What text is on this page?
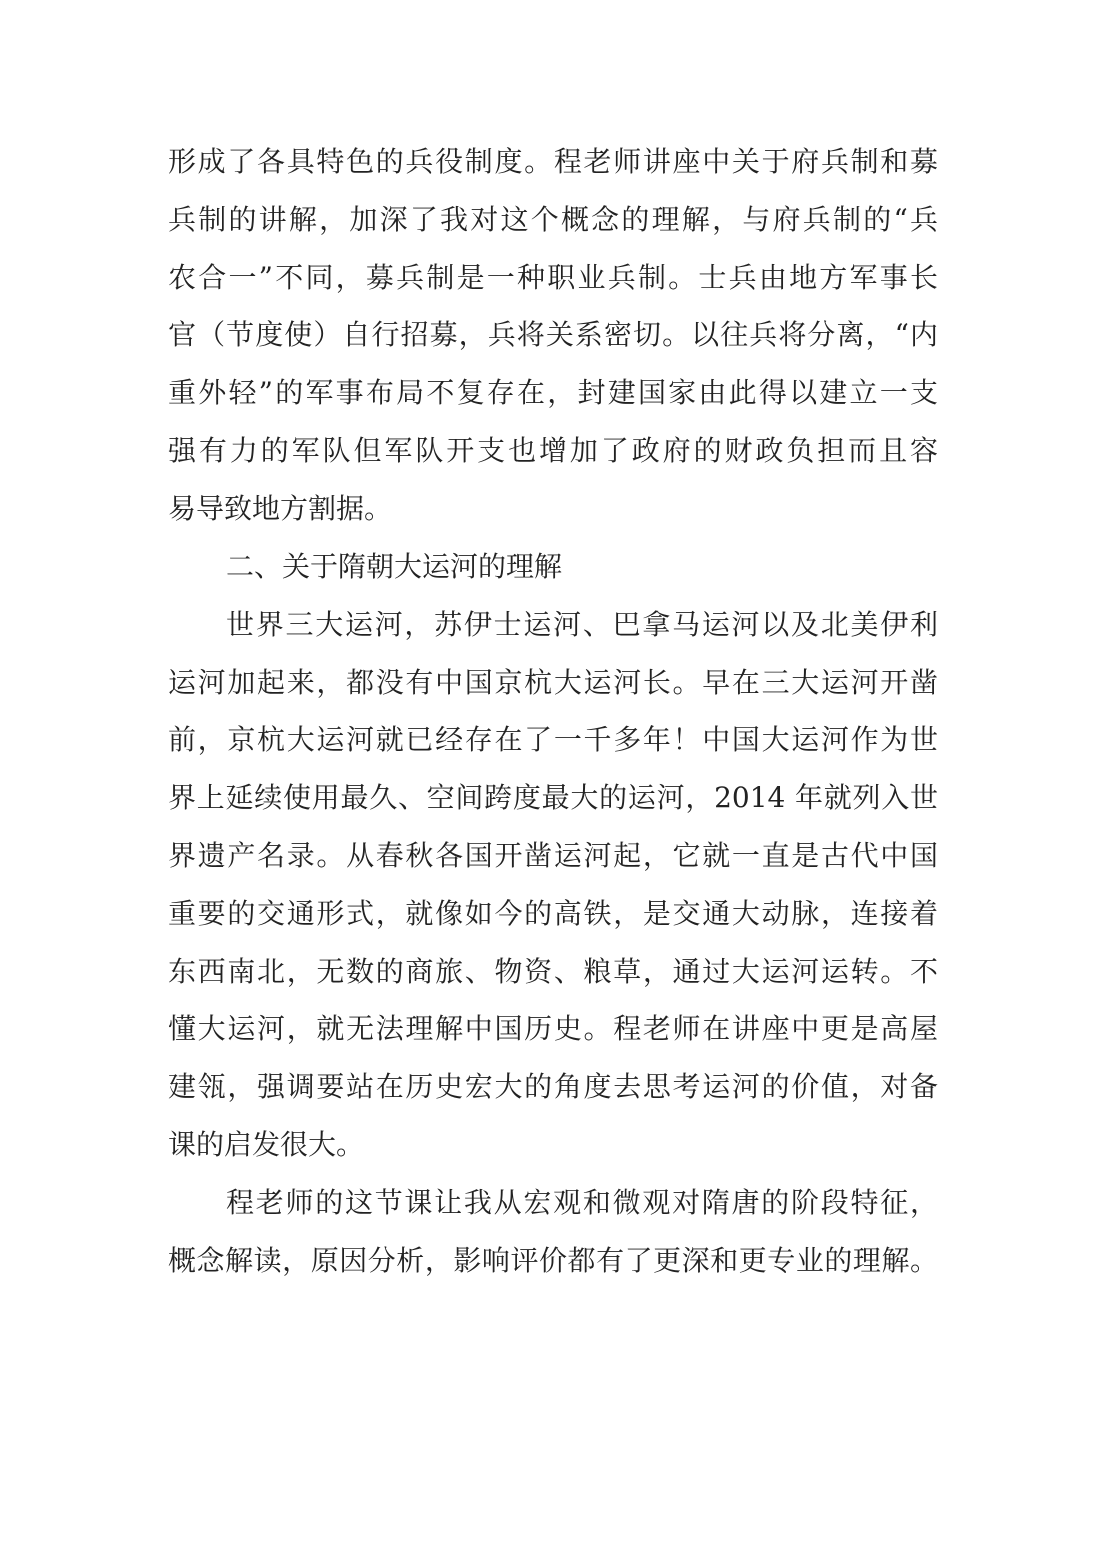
形成了各具特色的兵役制度。程老师讲座中关于府兵制和募
兵制的讲解，加深了我对这个概念的理解，与府兵制的“兵
农合一”不同，募兵制是一种职业兵制。士兵由地方军事长
官（节度使）自行招募，兵将关系密切。以往兵将分离，“内
重外轻”的军事布局不复存在，封建国家由此得以建立一支
强有力的军队但军队开支也增加了政府的财政负担而且容
易导致地方割据。
二、关于隋朝大运河的理解
世界三大运河，苏伊士运河、巴拿马运河以及北美伊利
运河加起来，都没有中国京杭大运河长。早在三大运河开凿
前，京杭大运河就已经存在了一千多年！中国大运河作为世
界上延续使用最久、空间跨度最大的运河，2014 年就列入世
界遗产名录。从春秋各国开凿运河起，它就一直是古代中国
重要的交通形式，就像如今的高铁，是交通大动脉，连接着
东西南北，无数的商旅、物资、粮草，通过大运河运转。不
懂大运河，就无法理解中国历史。程老师在讲座中更是高屋
建瓴，强调要站在历史宏大的角度去思考运河的价值，对备
课的启发很大。
程老师的这节课让我从宏观和微观对隋唐的阶段特征，
概念解读，原因分析，影响评价都有了更深和更专业的理解。
